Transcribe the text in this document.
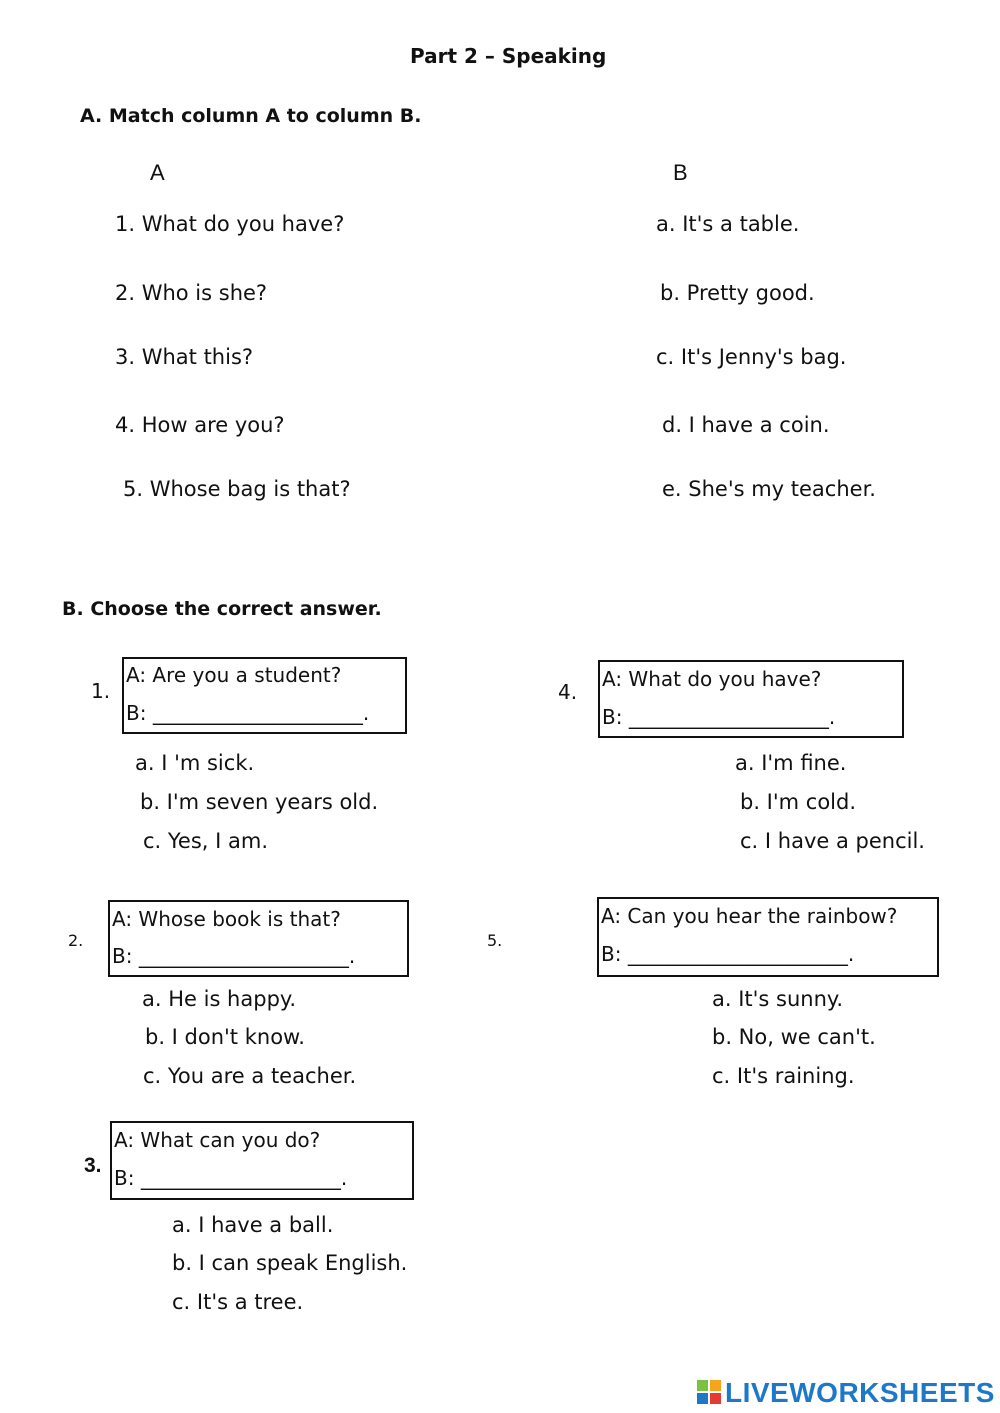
Part 2 – Speaking
A. Match column A to column B.
A	B
1. What do you have?
2. Who is she?
3. What this?
4. How are you?
5. Whose bag is that?
a. It's a table.
b. Pretty good.
c. It's Jenny's bag.
d. I have a coin.
e. She's my teacher.
B. Choose the correct answer.
1.
A: Are you a student?
B: _____________________.
a. I 'm sick.
b. I'm seven years old.
c. Yes, I am.
4.
A: What do you have?
B: ____________________.
a. I'm fine.
b. I'm cold.
c. I have a pencil.
2.
A: Whose book is that?
B: _____________________.
a. He is happy.
b. I don't know.
c. You are a teacher.
5.
A: Can you hear the rainbow?
B: ______________________.
a. It's sunny.
b. No, we can't.
c. It's raining.
3.
A: What can you do?
B: ____________________.
a. I have a ball.
b. I can speak English.
c. It's a tree.
LIVEWORKSHEETS
